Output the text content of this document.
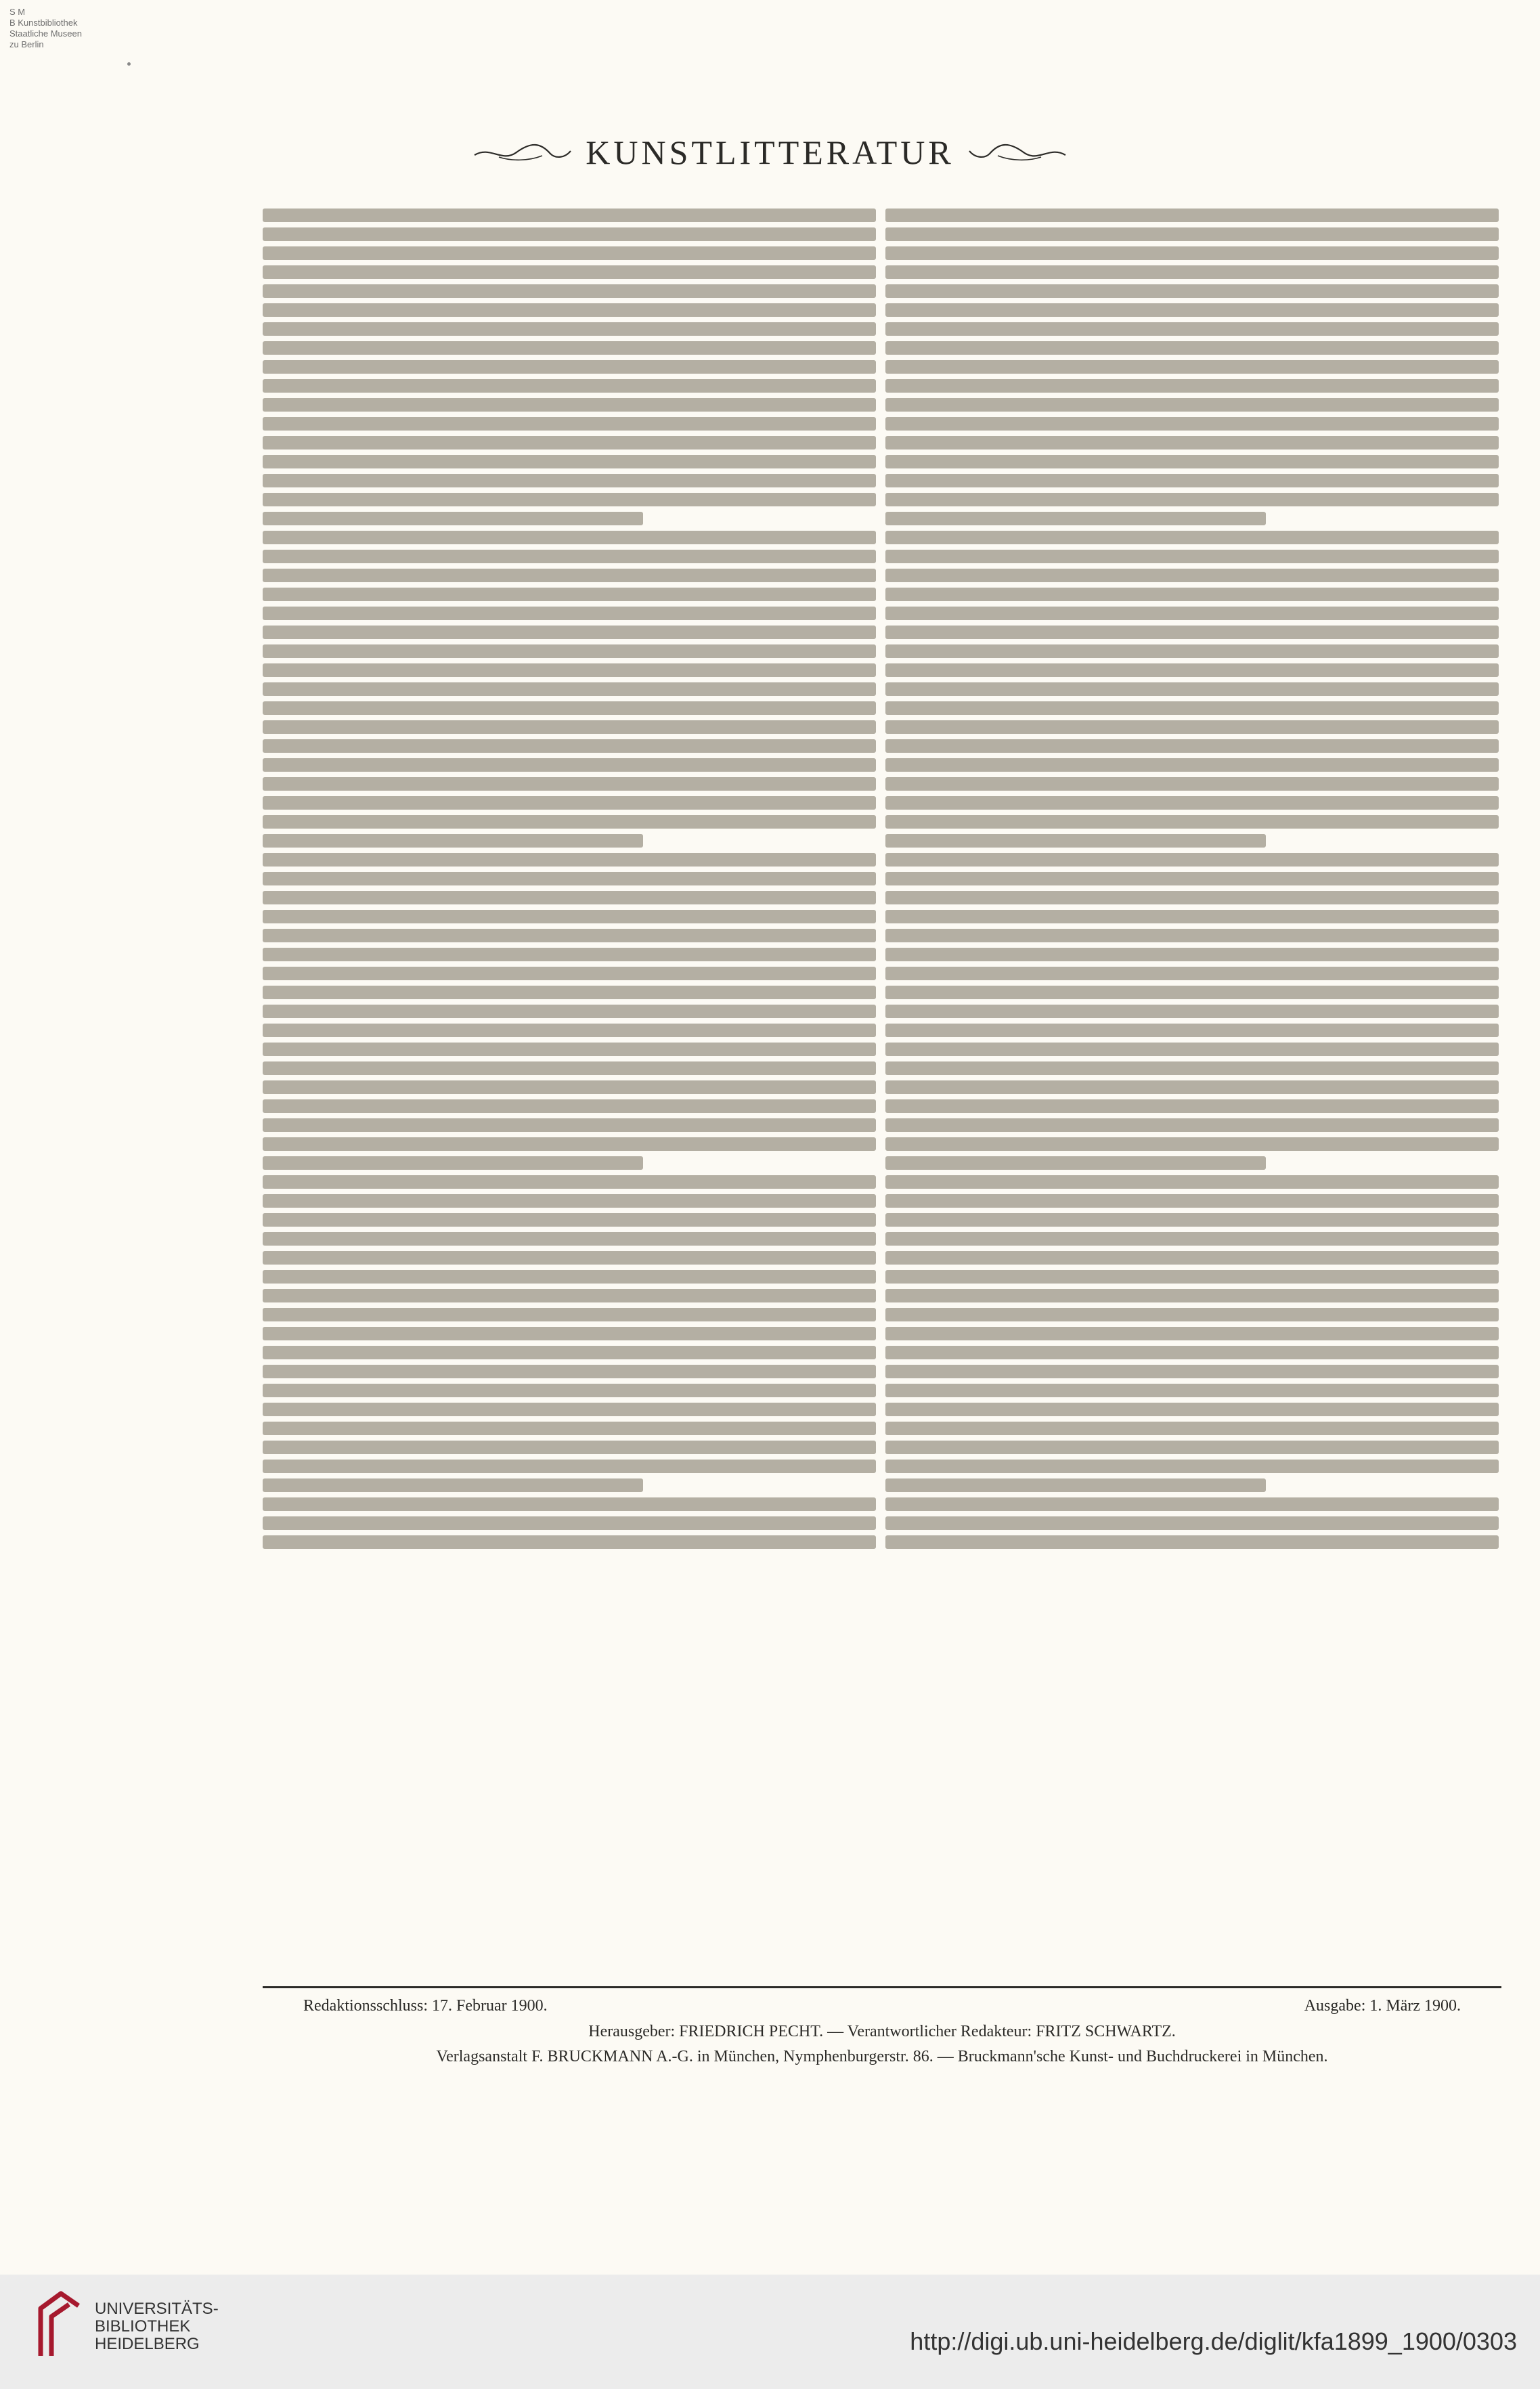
S M
B Kunstbibliothek
Staatliche Museen
zu Berlin
KUNSTLITTERATUR
Redaktionsschluss: 17. Februar 1900.	Ausgabe: 1. März 1900.
Herausgeber: FRIEDRICH PECHT. — Verantwortlicher Redakteur: FRITZ SCHWARTZ.
Verlagsanstalt F. BRUCKMANN A.-G. in München, Nymphenburgerstr. 86. — Bruckmann'sche Kunst- und Buchdruckerei in München.
UNIVERSITÄTS-
BIBLIOTHEK
HEIDELBERG	http://digi.ub.uni-heidelberg.de/diglit/kfa1899_1900/0303
